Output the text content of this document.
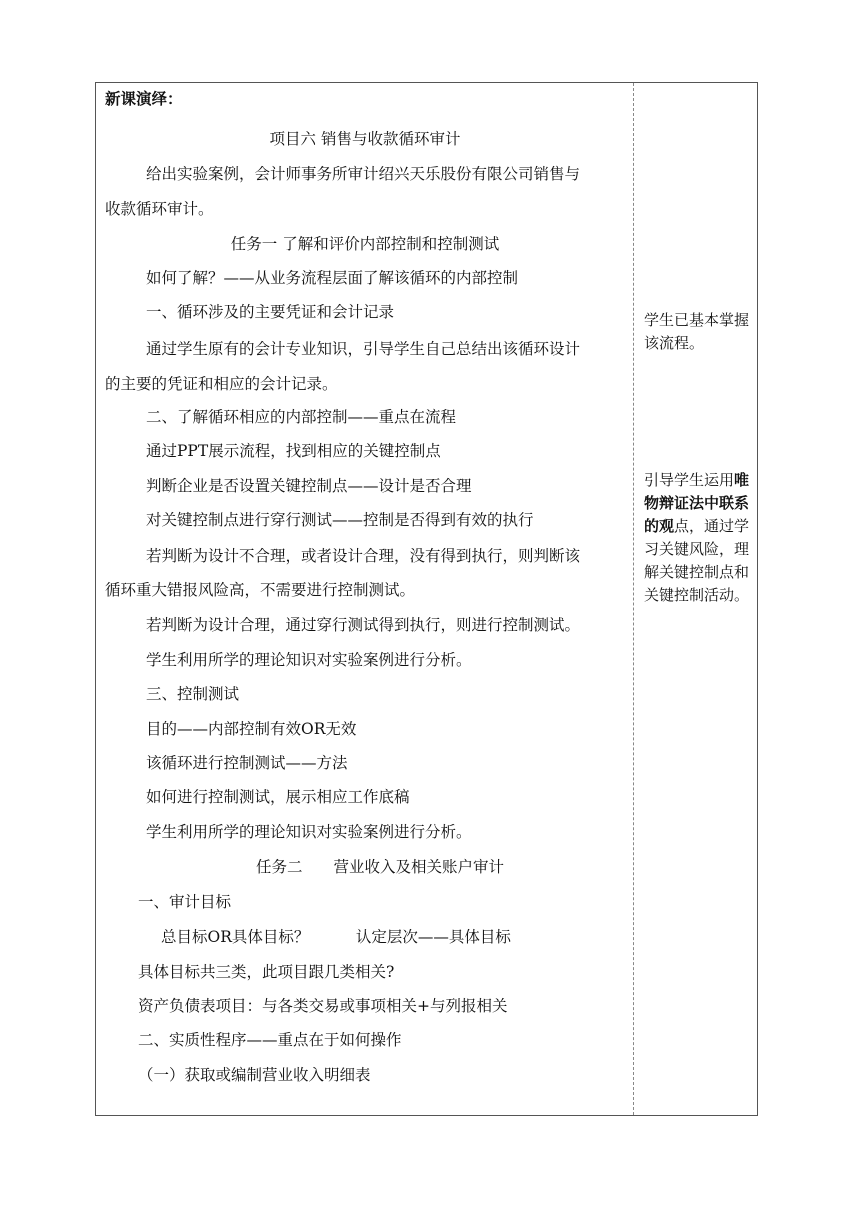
新课演绎：
项目六 销售与收款循环审计
给出实验案例，会计师事务所审计绍兴天乐股份有限公司销售与
收款循环审计。
任务一 了解和评价内部控制和控制测试
如何了解？——从业务流程层面了解该循环的内部控制
一、循环涉及的主要凭证和会计记录
通过学生原有的会计专业知识，引导学生自己总结出该循环设计
的主要的凭证和相应的会计记录。
二、了解循环相应的内部控制——重点在流程
通过PPT展示流程，找到相应的关键控制点
判断企业是否设置关键控制点——设计是否合理
对关键控制点进行穿行测试——控制是否得到有效的执行
若判断为设计不合理，或者设计合理，没有得到执行，则判断该
循环重大错报风险高，不需要进行控制测试。
若判断为设计合理，通过穿行测试得到执行，则进行控制测试。
学生利用所学的理论知识对实验案例进行分析。
三、控制测试
目的——内部控制有效OR无效
该循环进行控制测试——方法
如何进行控制测试，展示相应工作底稿
学生利用所学的理论知识对实验案例进行分析。
任务二　　营业收入及相关账户审计
一、审计目标
总目标OR具体目标？　　　认定层次——具体目标
具体目标共三类，此项目跟几类相关?
资产负债表项目：与各类交易或事项相关+与列报相关
二、实质性程序——重点在于如何操作
（一）获取或编制营业收入明细表
学生已基本掌握该流程。
引导学生运用唯物辩证法中联系的观点，通过学习关键风险，理解关键控制点和关键控制活动。
